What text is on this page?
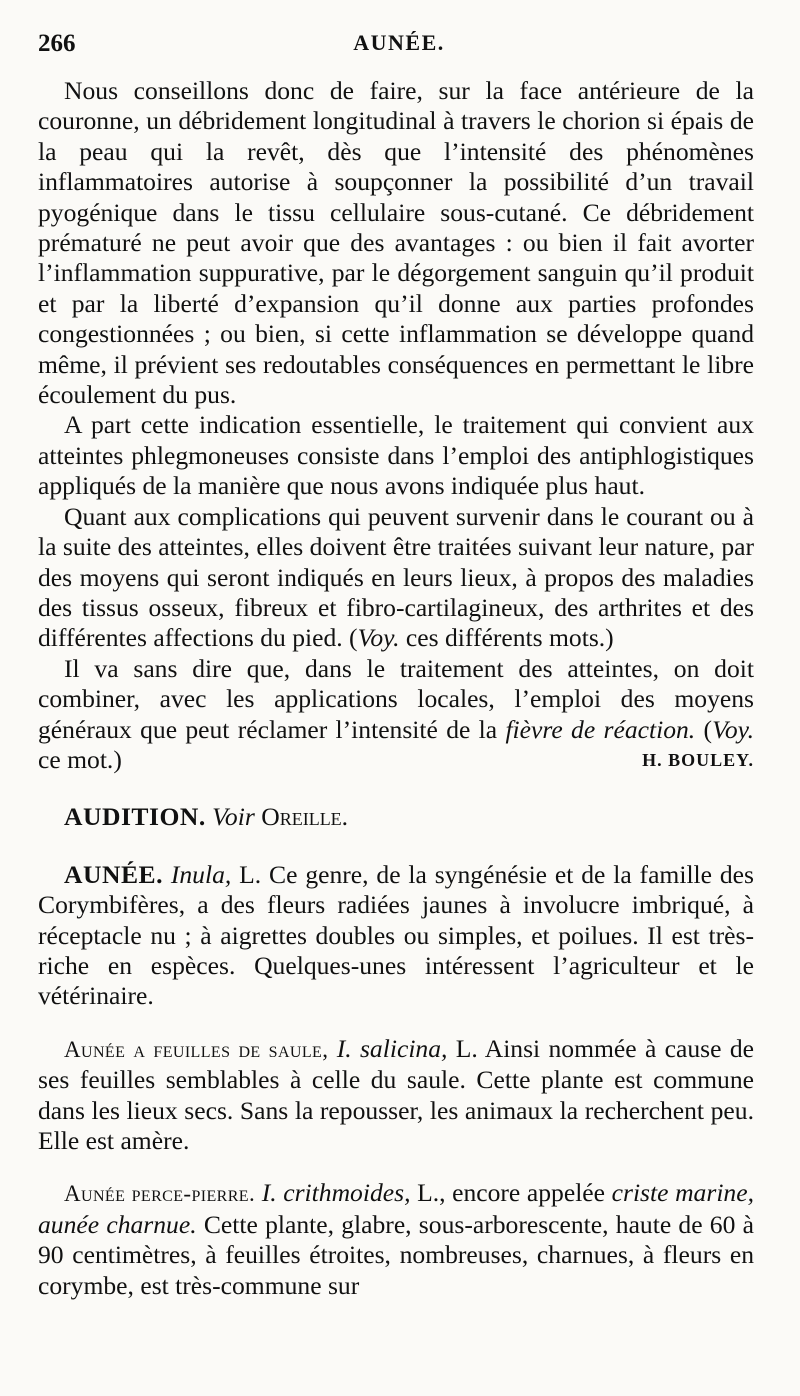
266	AUNÉE.

Nous conseillons donc de faire, sur la face antérieure de la couronne, un débridement longitudinal à travers le chorion si épais de la peau qui la revêt, dès que l’intensité des phénomènes inflammatoires autorise à soupçonner la possibilité d’un travail pyogénique dans le tissu cellulaire sous-cutané. Ce débridement prématuré ne peut avoir que des avantages : ou bien il fait avorter l’inflammation suppurative, par le dégorgement sanguin qu’il produit et par la liberté d’expansion qu’il donne aux parties profondes congestionnées ; ou bien, si cette inflammation se développe quand même, il prévient ses redoutables conséquences en permettant le libre écoulement du pus.

A part cette indication essentielle, le traitement qui convient aux atteintes phlegmoneuses consiste dans l’emploi des antiphlogistiques appliqués de la manière que nous avons indiquée plus haut.

Quant aux complications qui peuvent survenir dans le courant ou à la suite des atteintes, elles doivent être traitées suivant leur nature, par des moyens qui seront indiqués en leurs lieux, à propos des maladies des tissus osseux, fibreux et fibro-cartilagineux, des arthrites et des différentes affections du pied. (Voy. ces différents mots.)

Il va sans dire que, dans le traitement des atteintes, on doit combiner, avec les applications locales, l’emploi des moyens généraux que peut réclamer l’intensité de la fièvre de réaction. (Voy. ce mot.)	H. BOULEY.

AUDITION. Voir Oreille.

AUNÉE. Inula, L. Ce genre, de la syngénésie et de la famille des Corymbifères, a des fleurs radiées jaunes à involucre imbriqué, à réceptacle nu ; à aigrettes doubles ou simples, et poilues. Il est très-riche en espèces. Quelques-unes intéressent l’agriculteur et le vétérinaire.

Aunée a feuilles de saule, I. salicina, L. Ainsi nommée à cause de ses feuilles semblables à celle du saule. Cette plante est commune dans les lieux secs. Sans la repousser, les animaux la recherchent peu. Elle est amère.

Aunée perce-pierre. I. crithmoides, L., encore appelée criste marine, aunée charnue. Cette plante, glabre, sous-arborescente, haute de 60 à 90 centimètres, à feuilles étroites, nombreuses, charnues, à fleurs en corymbe, est très-commune sur
